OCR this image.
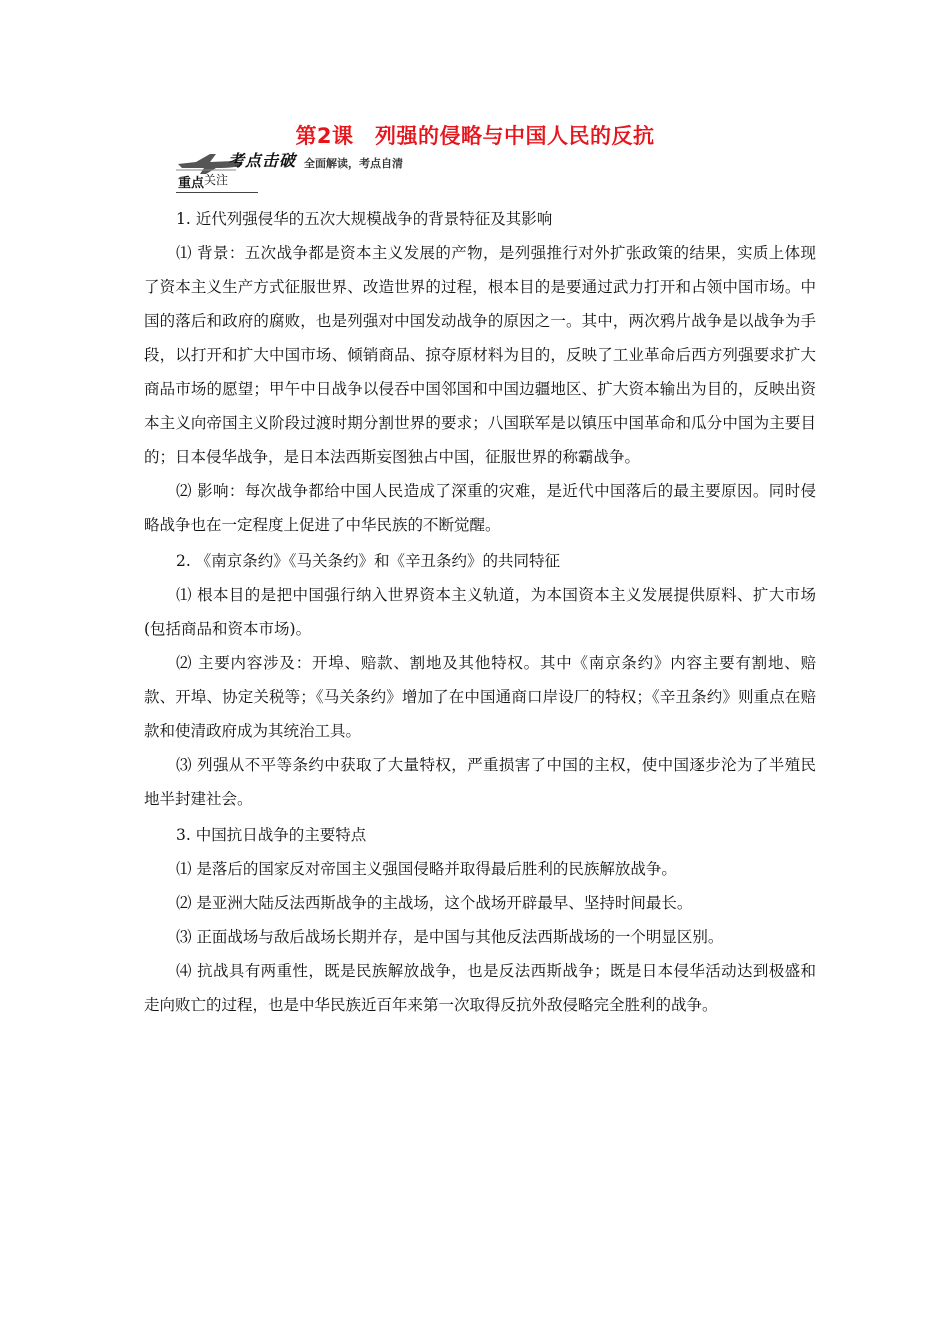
第2课　列强的侵略与中国人民的反抗
考点击破 全面解读，考点自清
重点关注

1. 近代列强侵华的五次大规模战争的背景特征及其影响

⑴ 背景：五次战争都是资本主义发展的产物，是列强推行对外扩张政策的结果，实质上体现了资本主义生产方式征服世界、改造世界的过程，根本目的是要通过武力打开和占领中国市场。中国的落后和政府的腐败，也是列强对中国发动战争的原因之一。其中，两次鸦片战争是以战争为手段，以打开和扩大中国市场、倾销商品、掠夺原材料为目的，反映了工业革命后西方列强要求扩大商品市场的愿望；甲午中日战争以侵吞中国邻国和中国边疆地区、扩大资本输出为目的，反映出资本主义向帝国主义阶段过渡时期分割世界的要求；八国联军是以镇压中国革命和瓜分中国为主要目的；日本侵华战争，是日本法西斯妄图独占中国，征服世界的称霸战争。

⑵ 影响：每次战争都给中国人民造成了深重的灾难，是近代中国落后的最主要原因。同时侵略战争也在一定程度上促进了中华民族的不断觉醒。

2. 《南京条约》《马关条约》和《辛丑条约》的共同特征

⑴ 根本目的是把中国强行纳入世界资本主义轨道，为本国资本主义发展提供原料、扩大市场(包括商品和资本市场)。

⑵ 主要内容涉及：开埠、赔款、割地及其他特权。其中《南京条约》内容主要有割地、赔款、开埠、协定关税等；《马关条约》增加了在中国通商口岸设厂的特权；《辛丑条约》则重点在赔款和使清政府成为其统治工具。

⑶ 列强从不平等条约中获取了大量特权，严重损害了中国的主权，使中国逐步沦为了半殖民地半封建社会。

3. 中国抗日战争的主要特点

⑴ 是落后的国家反对帝国主义强国侵略并取得最后胜利的民族解放战争。

⑵ 是亚洲大陆反法西斯战争的主战场，这个战场开辟最早、坚持时间最长。

⑶ 正面战场与敌后战场长期并存，是中国与其他反法西斯战场的一个明显区别。

⑷ 抗战具有两重性，既是民族解放战争，也是反法西斯战争；既是日本侵华活动达到极盛和走向败亡的过程，也是中华民族近百年来第一次取得反抗外敌侵略完全胜利的战争。
